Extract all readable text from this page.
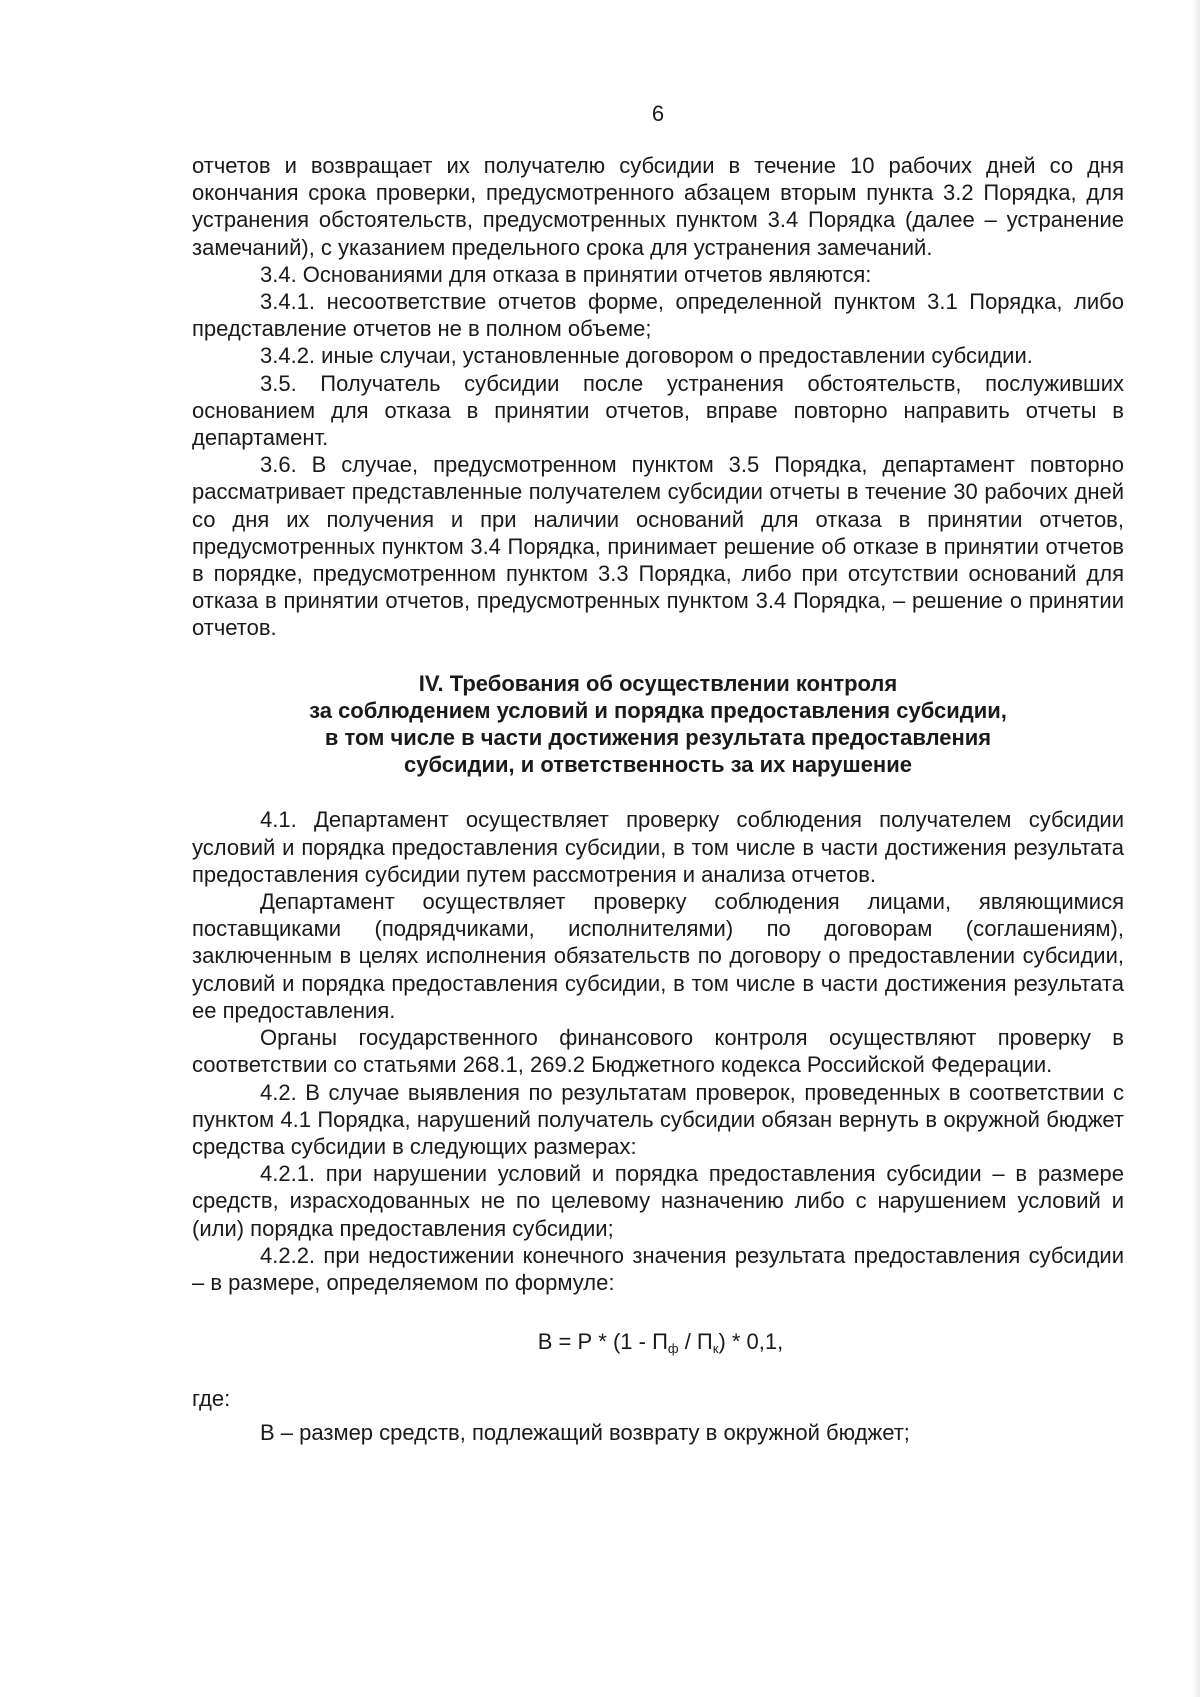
6

отчетов и возвращает их получателю субсидии в течение 10 рабочих дней со дня окончания срока проверки, предусмотренного абзацем вторым пункта 3.2 Порядка, для устранения обстоятельств, предусмотренных пунктом 3.4 Порядка (далее – устранение замечаний), с указанием предельного срока для устранения замечаний.

3.4. Основаниями для отказа в принятии отчетов являются:

3.4.1. несоответствие отчетов форме, определенной пунктом 3.1 Порядка, либо представление отчетов не в полном объеме;

3.4.2. иные случаи, установленные договором о предоставлении субсидии.

3.5. Получатель субсидии после устранения обстоятельств, послуживших основанием для отказа в принятии отчетов, вправе повторно направить отчеты в департамент.

3.6. В случае, предусмотренном пунктом 3.5 Порядка, департамент повторно рассматривает представленные получателем субсидии отчеты в течение 30 рабочих дней со дня их получения и при наличии оснований для отказа в принятии отчетов, предусмотренных пунктом 3.4 Порядка, принимает решение об отказе в принятии отчетов в порядке, предусмотренном пунктом 3.3 Порядка, либо при отсутствии оснований для отказа в принятии отчетов, предусмотренных пунктом 3.4 Порядка, – решение о принятии отчетов.

IV. Требования об осуществлении контроля
за соблюдением условий и порядка предоставления субсидии,
в том числе в части достижения результата предоставления
субсидии, и ответственность за их нарушение

4.1. Департамент осуществляет проверку соблюдения получателем субсидии условий и порядка предоставления субсидии, в том числе в части достижения результата предоставления субсидии путем рассмотрения и анализа отчетов.

Департамент осуществляет проверку соблюдения лицами, являющимися поставщиками (подрядчиками, исполнителями) по договорам (соглашениям), заключенным в целях исполнения обязательств по договору о предоставлении субсидии, условий и порядка предоставления субсидии, в том числе в части достижения результата ее предоставления.

Органы государственного финансового контроля осуществляют проверку в соответствии со статьями 268.1, 269.2 Бюджетного кодекса Российской Федерации.

4.2. В случае выявления по результатам проверок, проведенных в соответствии с пунктом 4.1 Порядка, нарушений получатель субсидии обязан вернуть в окружной бюджет средства субсидии в следующих размерах:

4.2.1. при нарушении условий и порядка предоставления субсидии – в размере средств, израсходованных не по целевому назначению либо с нарушением условий и (или) порядка предоставления субсидии;

4.2.2. при недостижении конечного значения результата предоставления субсидии – в размере, определяемом по формуле:

$В = Р * (1 - П_ф / П_к) * 0,1$,

где:

В – размер средств, подлежащий возврату в окружной бюджет;
